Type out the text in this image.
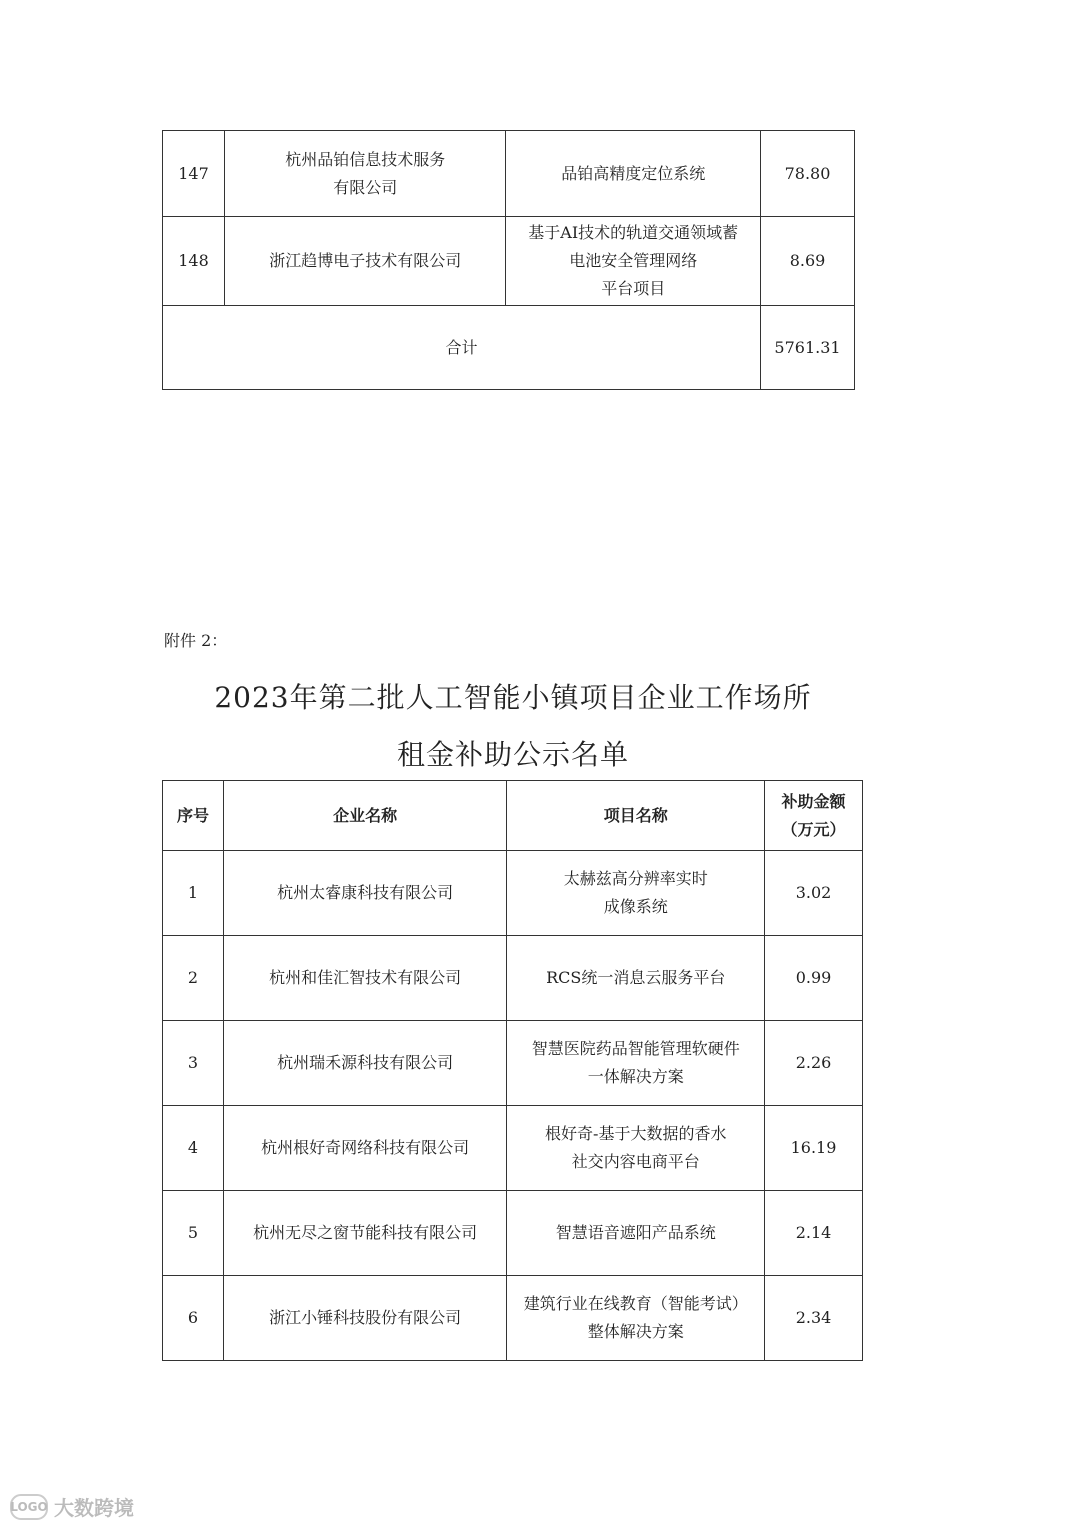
147	杭州品铂信息技术服务
有限公司	品铂高精度定位系统	78.80
148	浙江趋博电子技术有限公司	基于AI技术的轨道交通领域蓄
电池安全管理网络
平台项目	8.69
合计			5761.31
附件 2：
2023年第二批人工智能小镇项目企业工作场所
租金补助公示名单
序号	企业名称	项目名称	补助金额
（万元）

1	杭州太睿康科技有限公司	太赫兹高分辨率实时
成像系统	3.02
2	杭州和佳汇智技术有限公司	RCS统一消息云服务平台	0.99
3	杭州瑞禾源科技有限公司	智慧医院药品智能管理软硬件
一体解决方案	2.26
4	杭州根好奇网络科技有限公司	根好奇-基于大数据的香水
社交内容电商平台	16.19
5	杭州无尽之窗节能科技有限公司	智慧语音遮阳产品系统	2.14
6	浙江小锤科技股份有限公司	建筑行业在线教育（智能考试）
整体解决方案	2.34
LOGO 大数跨境
